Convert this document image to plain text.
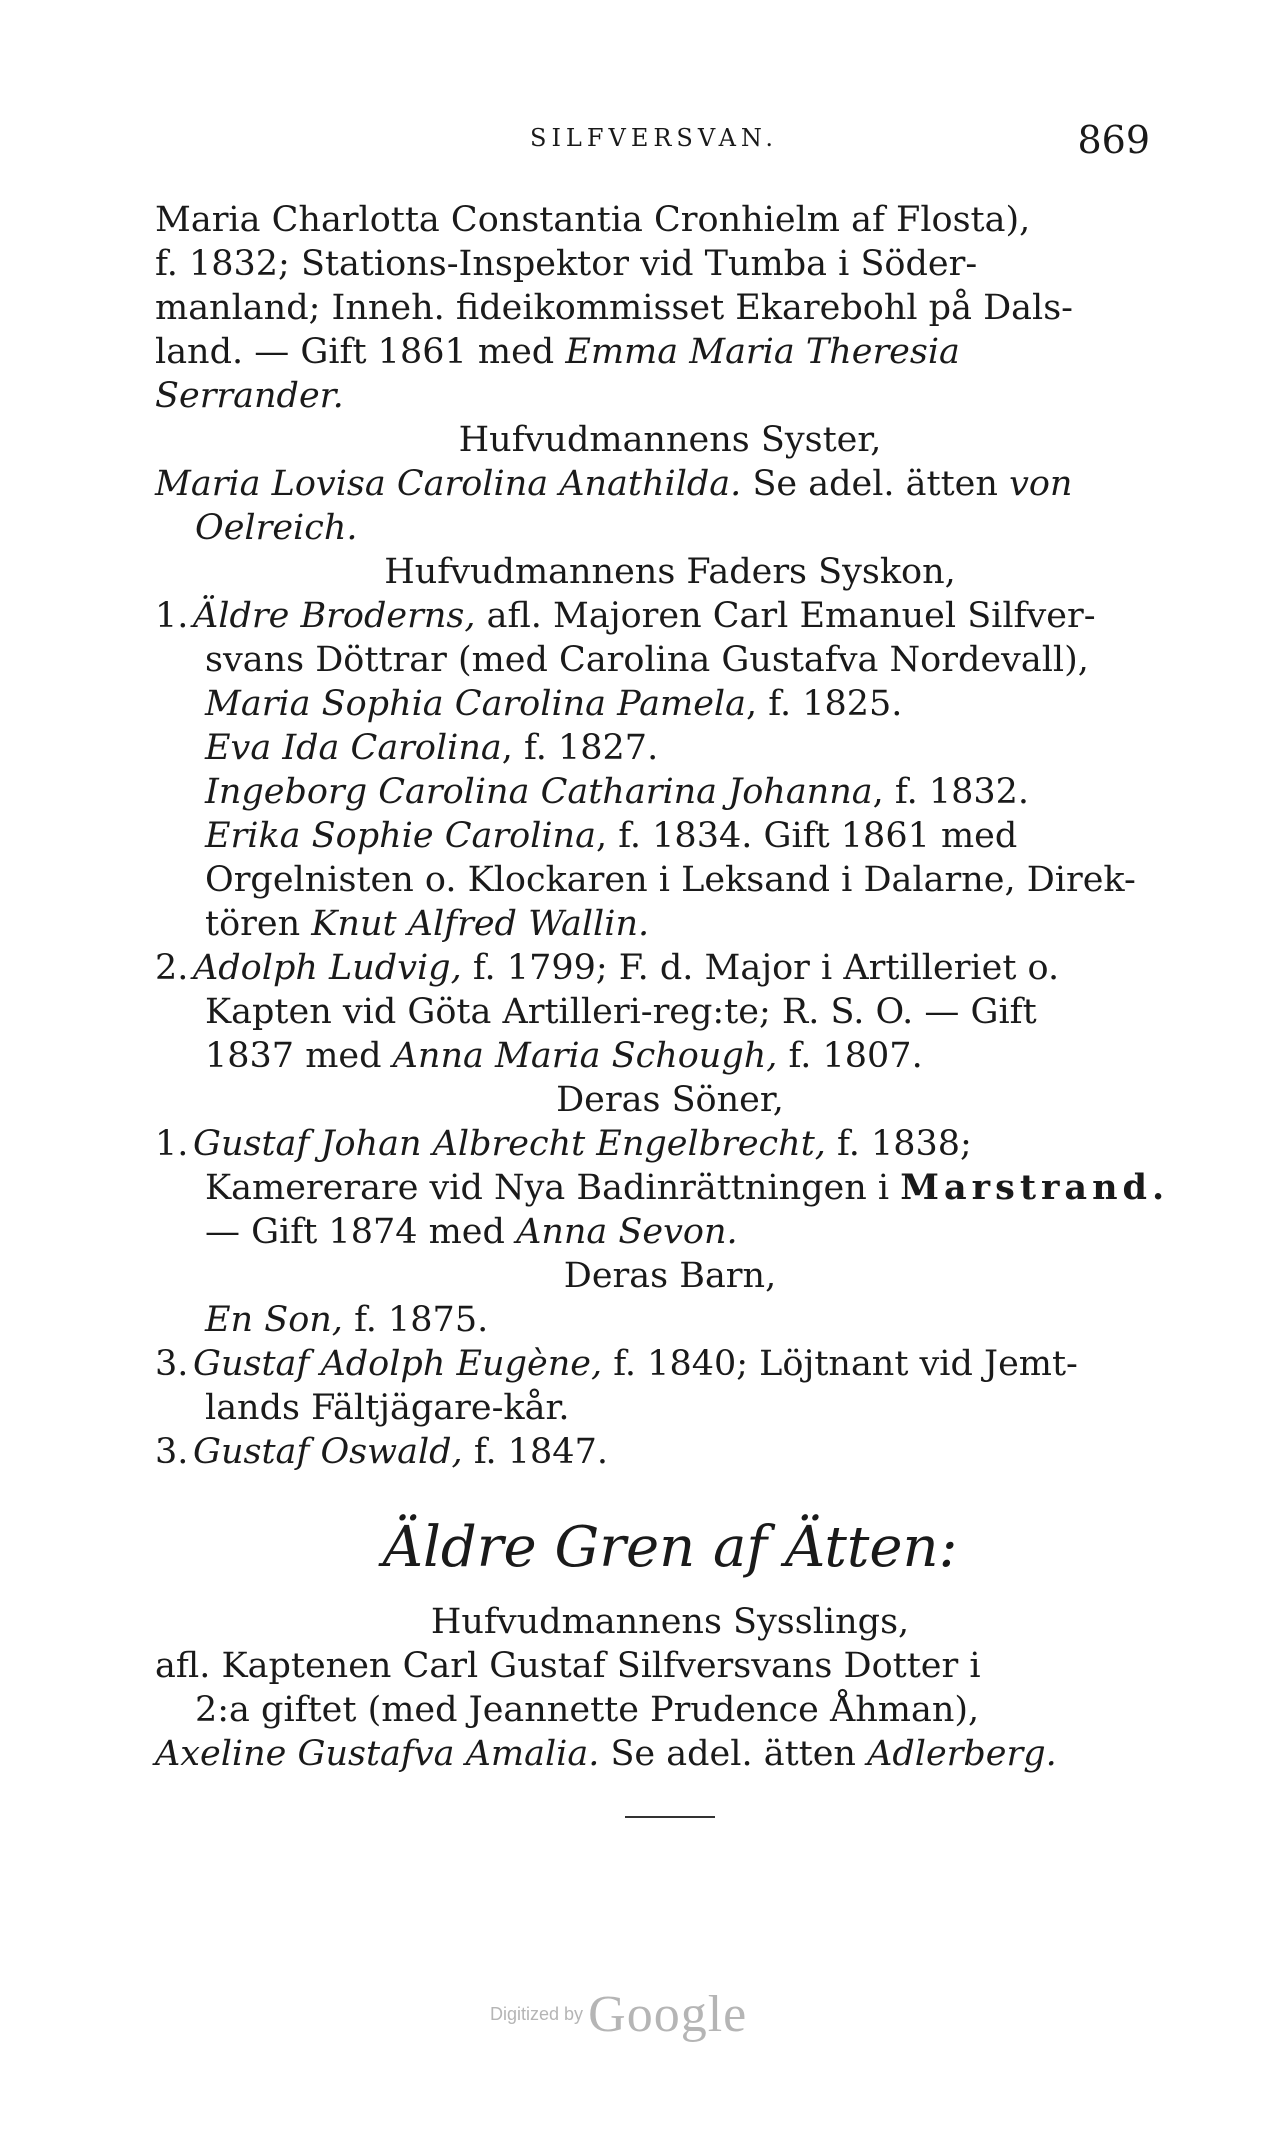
SILFVERSVAN.	869
Maria Charlotta Constantia Cronhielm af Flosta),
f. 1832; Stations-Inspektor vid Tumba i Söder-
manland; Inneh. fideikommisset Ekarebohl på Dals-
land. — Gift 1861 med Emma Maria Theresia
Serrander.
Hufvudmannens Syster,
Maria Lovisa Carolina Anathilda. Se adel. ätten von
Oelreich.
Hufvudmannens Faders Syskon,
1. Äldre Broderns, afl. Majoren Carl Emanuel Silfver-
svans Döttrar (med Carolina Gustafva Nordevall),
Maria Sophia Carolina Pamela, f. 1825.
Eva Ida Carolina, f. 1827.
Ingeborg Carolina Catharina Johanna, f. 1832.
Erika Sophie Carolina, f. 1834. Gift 1861 med
Orgelnisten o. Klockaren i Leksand i Dalarne, Direk-
tören Knut Alfred Wallin.
2. Adolph Ludvig, f. 1799; F. d. Major i Artilleriet o.
Kapten vid Göta Artilleri-reg:te; R. S. O. — Gift
1837 med Anna Maria Schough, f. 1807.
Deras Söner,
1. Gustaf Johan Albrecht Engelbrecht, f. 1838;
Kamererare vid Nya Badinrättningen i Marstrand.
— Gift 1874 med Anna Sevon.
Deras Barn,
En Son, f. 1875.
3. Gustaf Adolph Eugène, f. 1840; Löjtnant vid Jemt-
lands Fältjägare-kår.
3. Gustaf Oswald, f. 1847.
Äldre Gren af Ätten:
Hufvudmannens Sysslings,
afl. Kaptenen Carl Gustaf Silfversvans Dotter i
2:a giftet (med Jeannette Prudence Åhman),
Axeline Gustafva Amalia. Se adel. ätten Adlerberg.
Digitized by Google
